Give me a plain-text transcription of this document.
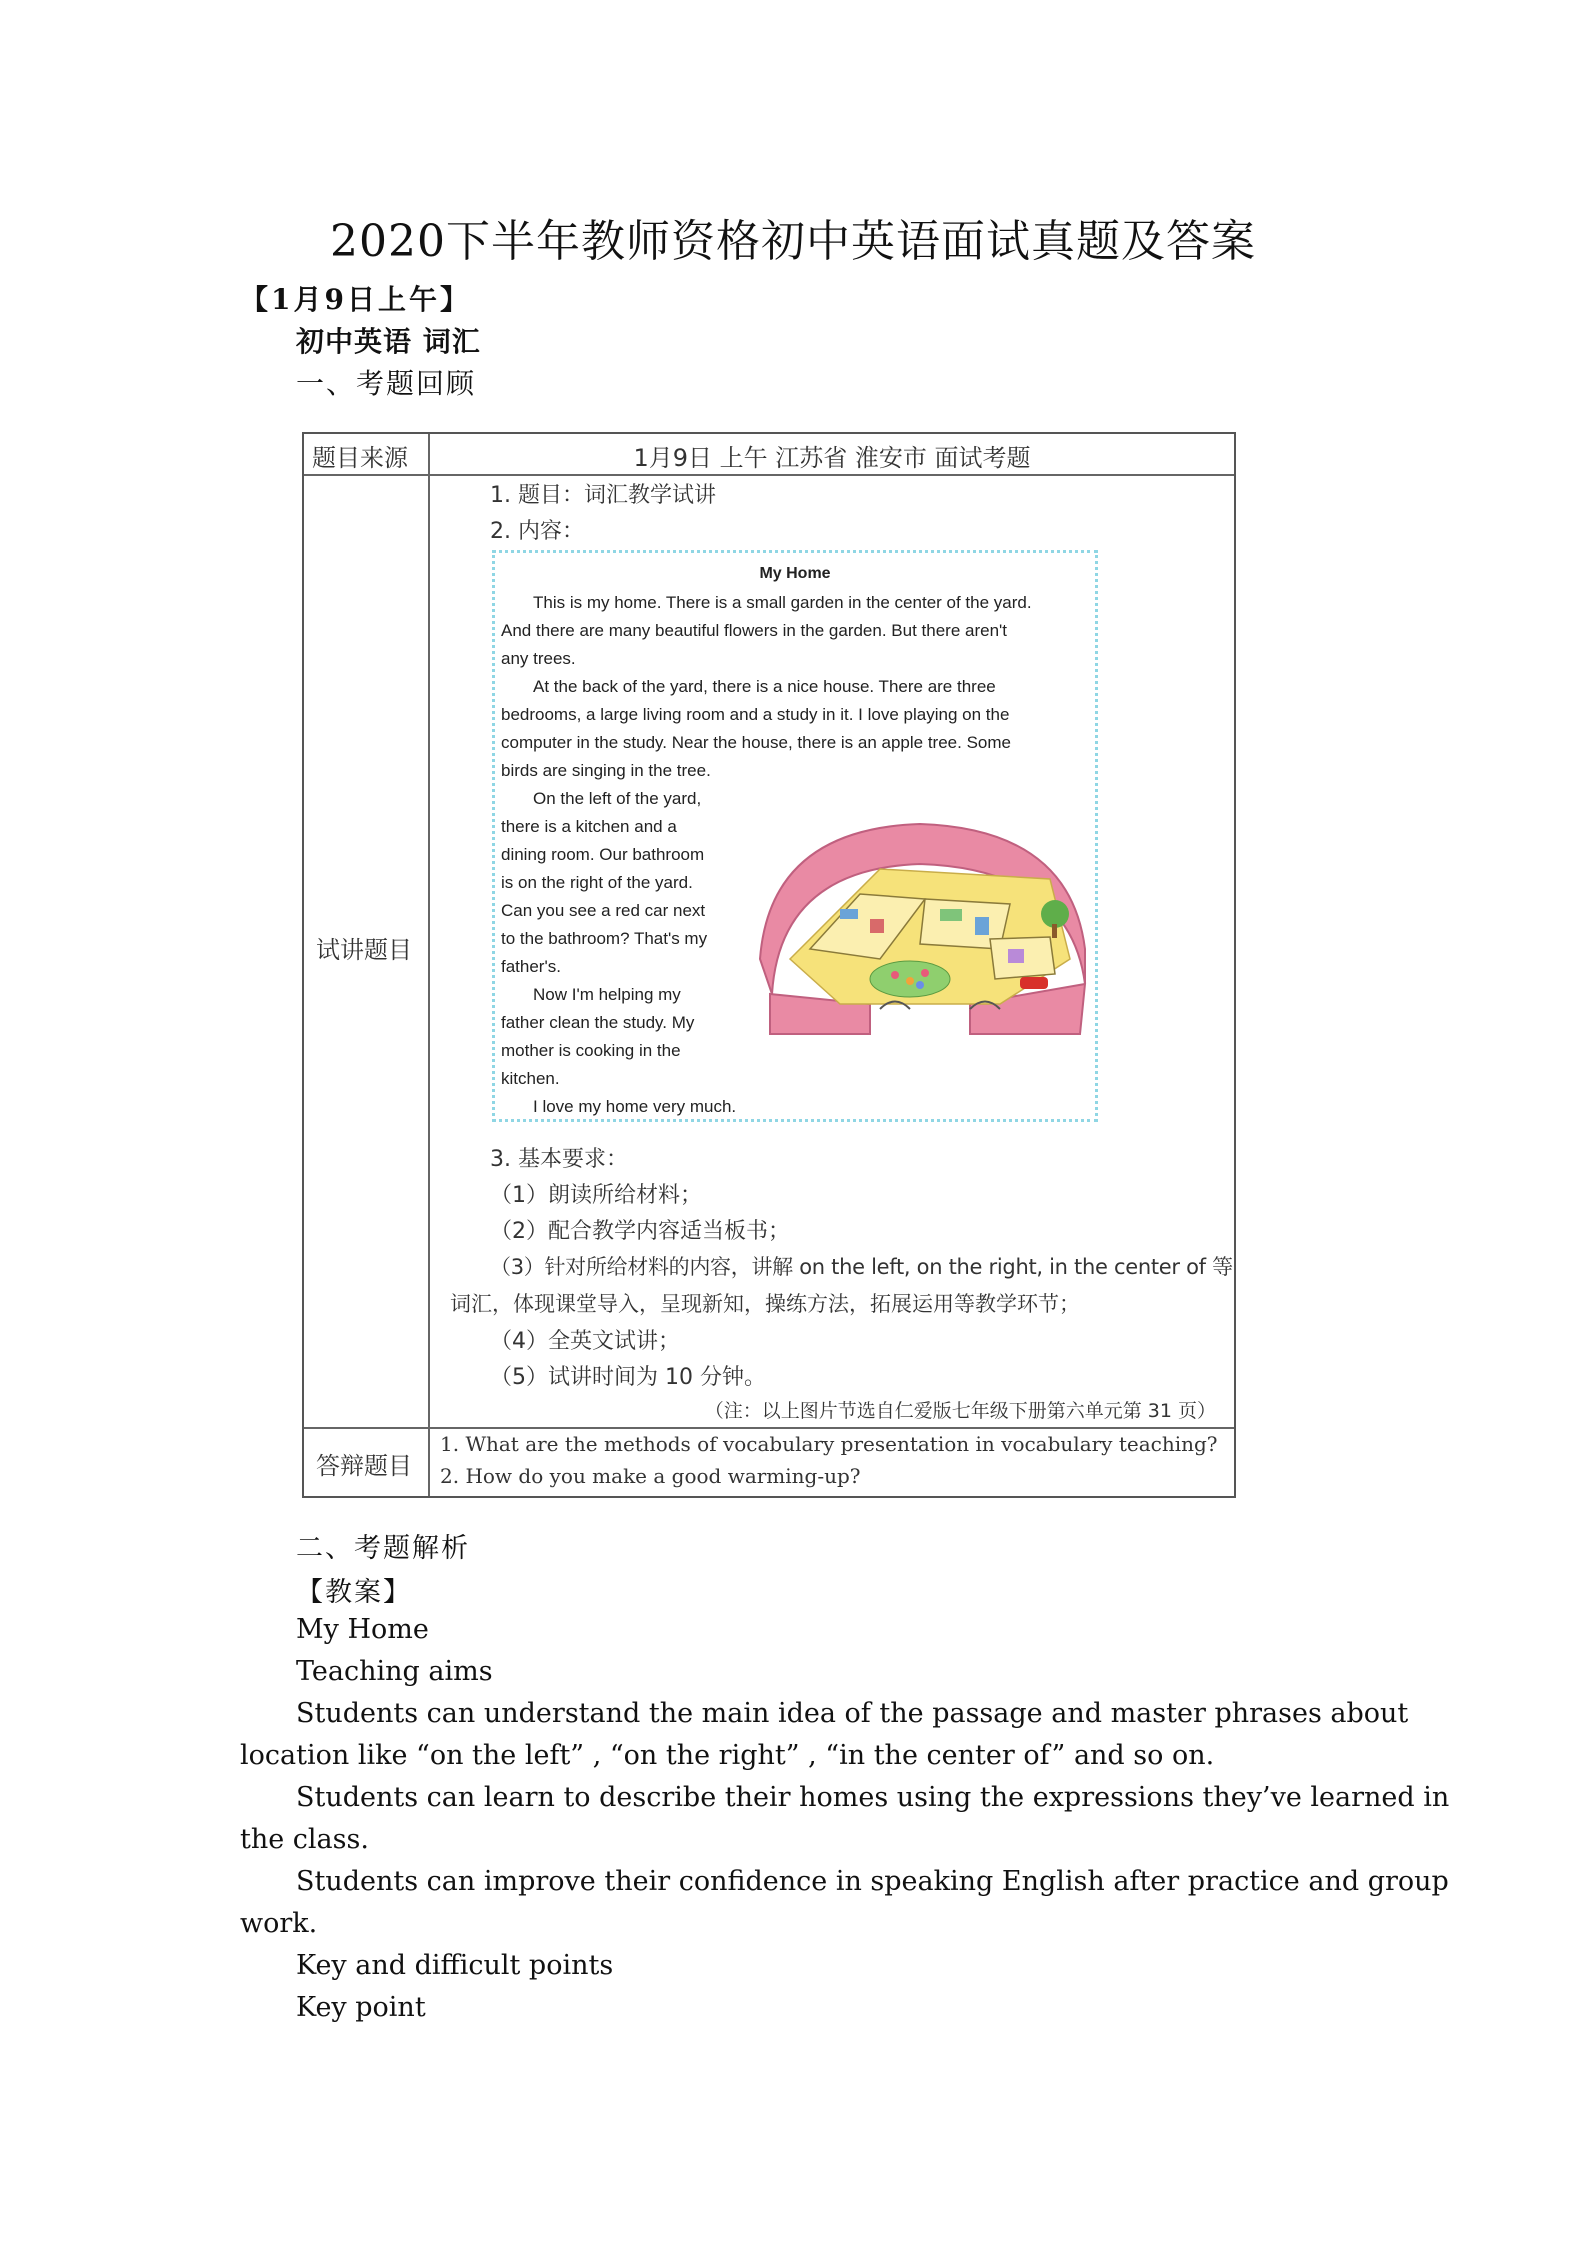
2020下半年教师资格初中英语面试真题及答案
【1月9日上午】
初中英语 词汇
一、考题回顾
题目来源	1月9日 上午 江苏省 淮安市 面试考题
试讲题目
1. 题目：词汇教学试讲
2. 内容：
My Home
This is my home. There is a small garden in the center of the yard.
And there are many beautiful flowers in the garden. But there aren't
any trees.
At the back of the yard, there is a nice house. There are three
bedrooms, a large living room and a study in it. I love playing on the
computer in the study. Near the house, there is an apple tree. Some
birds are singing in the tree.
On the left of the yard,
there is a kitchen and a
dining room. Our bathroom
is on the right of the yard.
Can you see a red car next
to the bathroom? That's my
father's.
Now I'm helping my
father clean the study. My
mother is cooking in the
kitchen.
I love my home very much.
3. 基本要求：
（1）朗读所给材料；
（2）配合教学内容适当板书；
（3）针对所给材料的内容，讲解 on the left, on the right, in the center of 等
词汇，体现课堂导入，呈现新知，操练方法，拓展运用等教学环节；
（4）全英文试讲；
（5）试讲时间为 10 分钟。
（注：以上图片节选自仁爱版七年级下册第六单元第 31 页）
答辩题目
1. What are the methods of vocabulary presentation in vocabulary teaching?
2. How do you make a good warming-up?
二、考题解析
【教案】
My Home
Teaching aims
Students can understand the main idea of the passage and master phrases about
location like “on the left” , “on the right” , “in the center of” and so on.
Students can learn to describe their homes using the expressions they’ve learned in
the class.
Students can improve their confidence in speaking English after practice and group
work.
Key and difficult points
Key point
